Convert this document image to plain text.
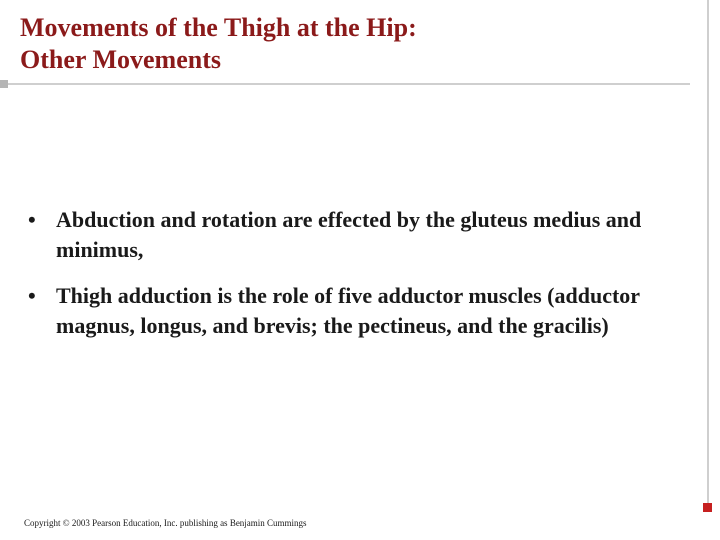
Movements of the Thigh at the Hip:
Other Movements
• Abduction and rotation are effected by the gluteus medius and minimus,
• Thigh adduction is the role of five adductor muscles (adductor magnus, longus, and brevis; the pectineus, and the gracilis)
Copyright © 2003 Pearson Education, Inc. publishing as Benjamin Cummings
